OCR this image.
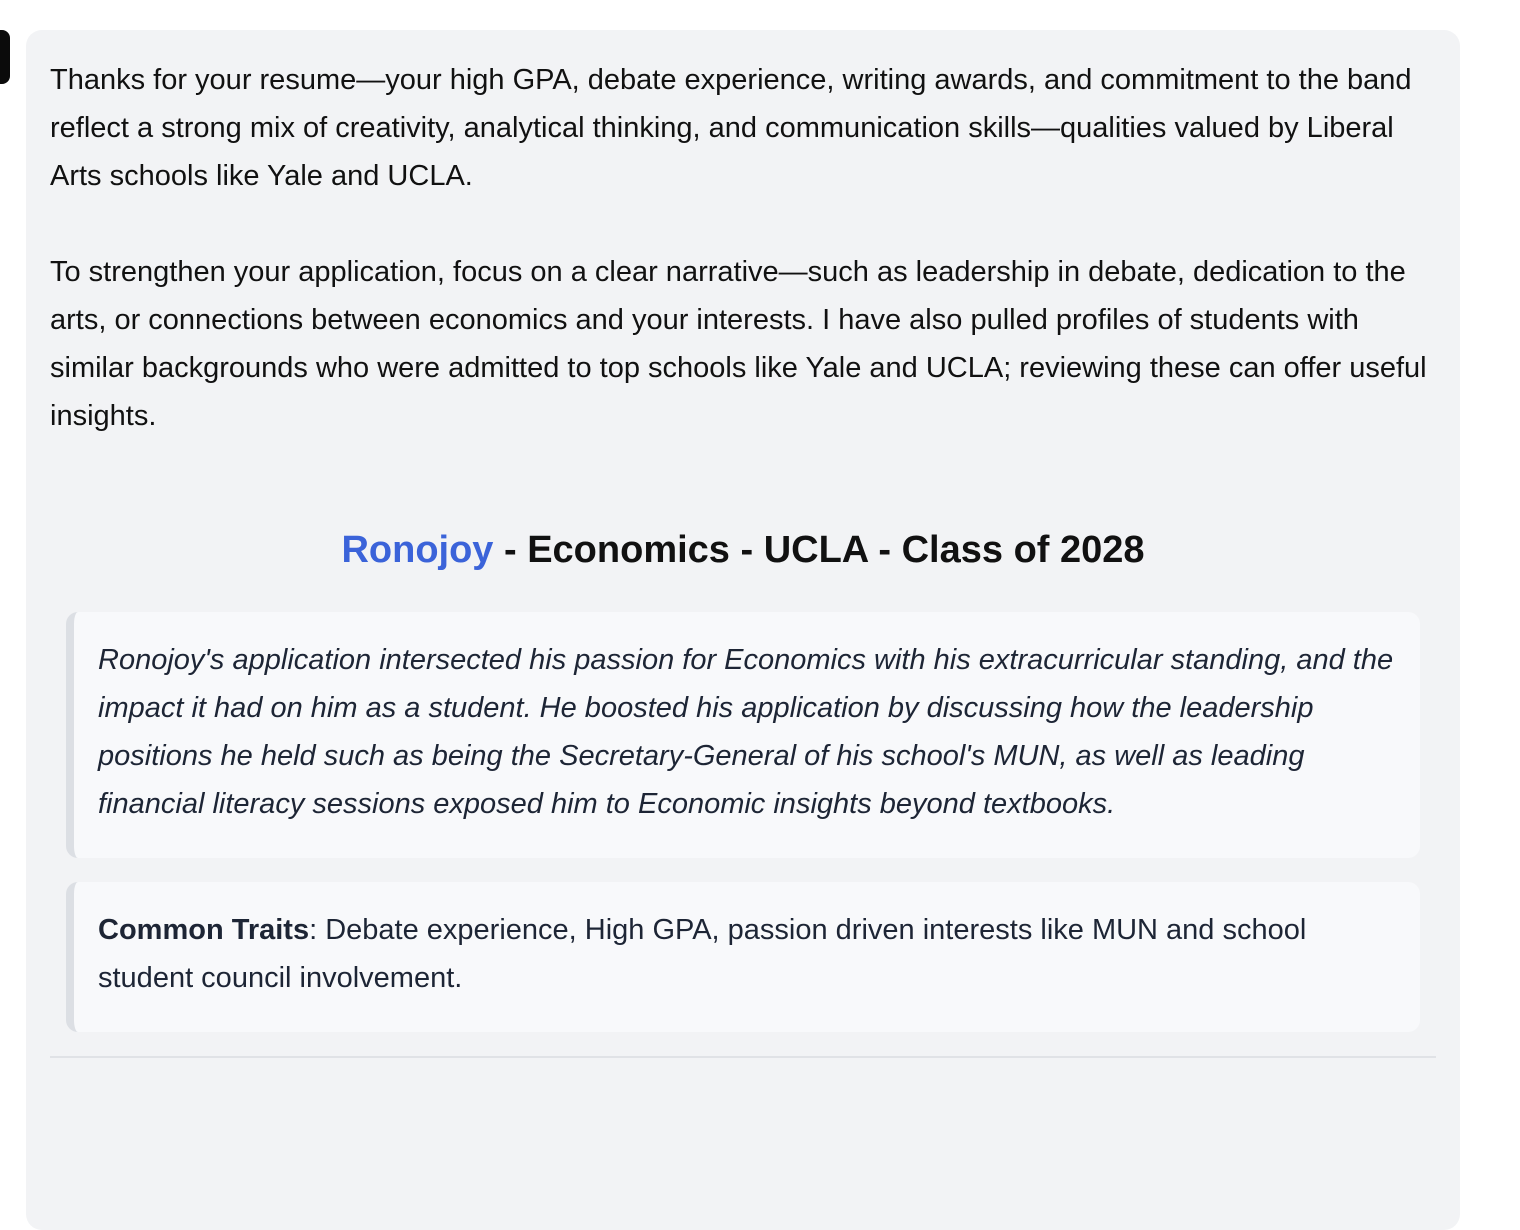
Thanks for your resume—your high GPA, debate experience, writing awards, and commitment to the band reflect a strong mix of creativity, analytical thinking, and communication skills—qualities valued by Liberal Arts schools like Yale and UCLA.

To strengthen your application, focus on a clear narrative—such as leadership in debate, dedication to the arts, or connections between economics and your interests. I have also pulled profiles of students with similar backgrounds who were admitted to top schools like Yale and UCLA; reviewing these can offer useful insights.

Ronojoy - Economics - UCLA - Class of 2028

Ronojoy's application intersected his passion for Economics with his extracurricular standing, and the impact it had on him as a student. He boosted his application by discussing how the leadership positions he held such as being the Secretary-General of his school's MUN, as well as leading financial literacy sessions exposed him to Economic insights beyond textbooks.

Common Traits: Debate experience, High GPA, passion driven interests like MUN and school student council involvement.
